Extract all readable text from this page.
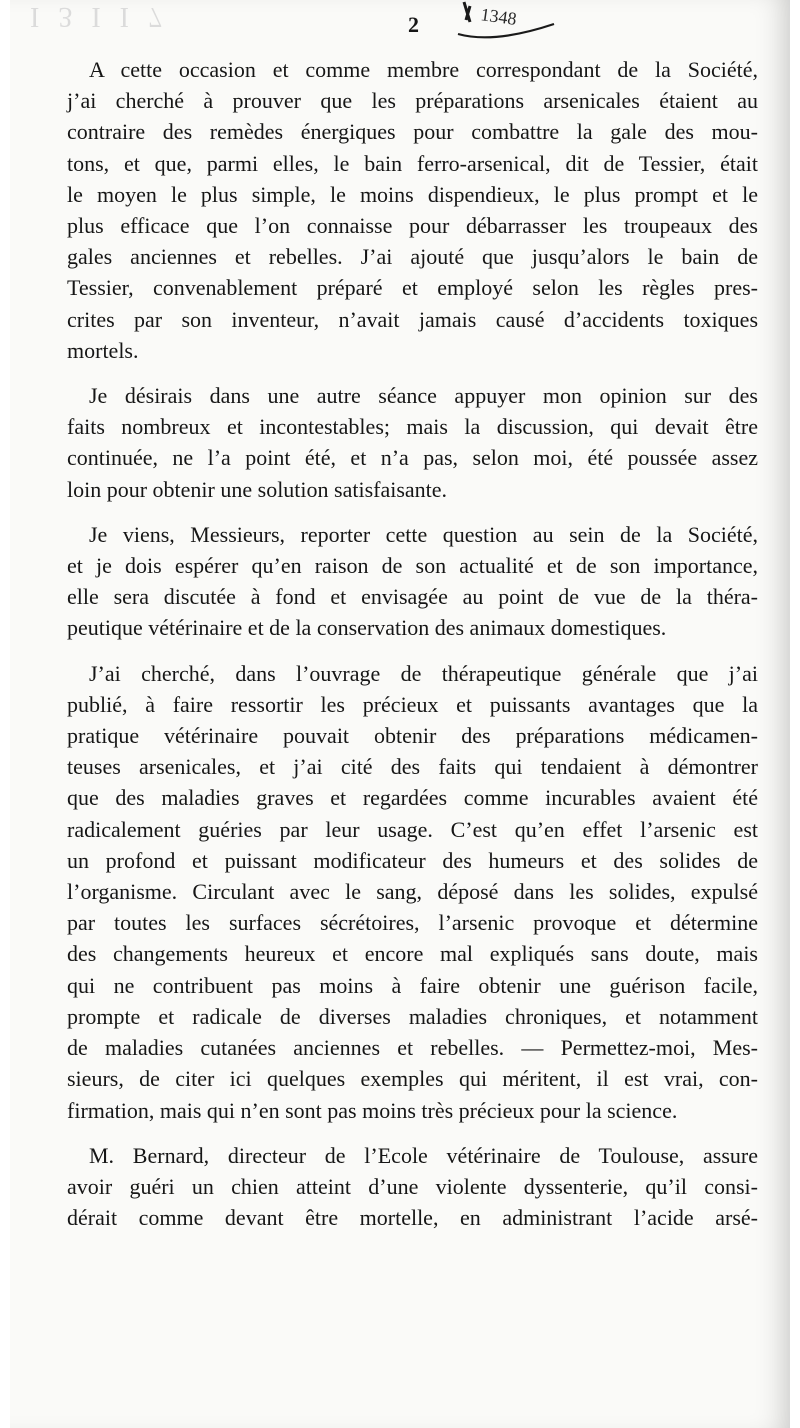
I 3 I I 7	1348
2
A cette occasion et comme membre correspondant de la Société,
j’ai cherché à prouver que les préparations arsenicales étaient au
contraire des remèdes énergiques pour combattre la gale des mou-
tons, et que, parmi elles, le bain ferro-arsenical, dit de Tessier, était
le moyen le plus simple, le moins dispendieux, le plus prompt et le
plus efficace que l’on connaisse pour débarrasser les troupeaux des
gales anciennes et rebelles. J’ai ajouté que jusqu’alors le bain de
Tessier, convenablement préparé et employé selon les règles pres-
crites par son inventeur, n’avait jamais causé d’accidents toxiques
mortels.
Je désirais dans une autre séance appuyer mon opinion sur des
faits nombreux et incontestables; mais la discussion, qui devait être
continuée, ne l’a point été, et n’a pas, selon moi, été poussée assez
loin pour obtenir une solution satisfaisante.
Je viens, Messieurs, reporter cette question au sein de la Société,
et je dois espérer qu’en raison de son actualité et de son importance,
elle sera discutée à fond et envisagée au point de vue de la théra-
peutique vétérinaire et de la conservation des animaux domestiques.
J’ai cherché, dans l’ouvrage de thérapeutique générale que j’ai
publié, à faire ressortir les précieux et puissants avantages que la
pratique vétérinaire pouvait obtenir des préparations médicamen-
teuses arsenicales, et j’ai cité des faits qui tendaient à démontrer
que des maladies graves et regardées comme incurables avaient été
radicalement guéries par leur usage. C’est qu’en effet l’arsenic est
un profond et puissant modificateur des humeurs et des solides de
l’organisme. Circulant avec le sang, déposé dans les solides, expulsé
par toutes les surfaces sécrétoires, l’arsenic provoque et détermine
des changements heureux et encore mal expliqués sans doute, mais
qui ne contribuent pas moins à faire obtenir une guérison facile,
prompte et radicale de diverses maladies chroniques, et notamment
de maladies cutanées anciennes et rebelles. — Permettez-moi, Mes-
sieurs, de citer ici quelques exemples qui méritent, il est vrai, con-
firmation, mais qui n’en sont pas moins très précieux pour la science.
M. Bernard, directeur de l’Ecole vétérinaire de Toulouse, assure
avoir guéri un chien atteint d’une violente dyssenterie, qu’il consi-
dérait comme devant être mortelle, en administrant l’acide arsé-
